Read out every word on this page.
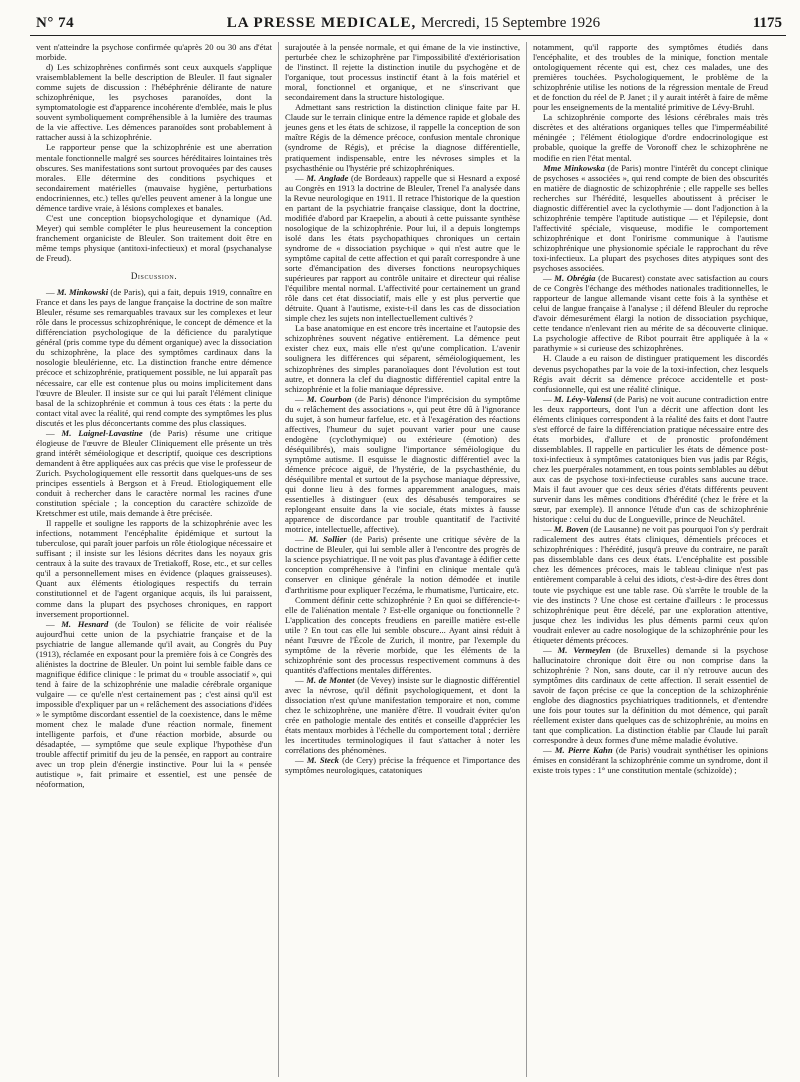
N° 74	LA PRESSE MEDICALE, Mercredi, 15 Septembre 1926	1175

vent n'atteindre la psychose confirmée qu'après 20 ou 30 ans d'état morbide.

d) Les schizophrènes confirmés sont ceux auxquels s'applique vraisemblablement la belle description de Bleuler. Il faut signaler comme sujets de discussion : l'hébéphrénie délirante de nature schizophrénique, les psychoses paranoïdes, dont la symptomatologie est d'apparence incohérente d'emblée, mais le plus souvent symboliquement compréhensible à la lumière des traumas de la vie affective. Les démences paranoïdes sont probablement à rattacher aussi à la schizophrénie.

Le rapporteur pense que la schizophrénie est une aberration mentale fonctionnelle malgré ses sources héréditaires lointaines très obscures. Ses manifestations sont surtout provoquées par des causes morales. Elle détermine des conditions psychiques et secondairement matérielles (mauvaise hygiène, perturbations endocriniennes, etc.) telles qu'elles peuvent amener à la longue une démence tardive vraie, à lésions complexes et banales.

C'est une conception biopsychologique et dynamique (Ad. Meyer) qui semble compléter le plus heureusement la conception franchement organiciste de Bleuler. Son traitement doit être en même temps physique (antitoxi-infectieux) et moral (psychanalyse de Freud).

Discussion.

— M. Minkowski (de Paris), qui a fait, depuis 1919, connaître en France et dans les pays de langue française la doctrine de son maître Bleuler, résume ses remarquables travaux sur les complexes et leur rôle dans le processus schizophrénique, le concept de démence et la différenciation psychologique de la déficience du paralytique général (pris comme type du dément organique) avec la dissociation du schizophrène, la place des symptômes cardinaux dans la nosologie bleulérienne, etc. La distinction franche entre démence précoce et schizophrénie, pratiquement possible, ne lui apparaît pas nécessaire, car elle est contenue plus ou moins implicitement dans l'œuvre de Bleuler. Il insiste sur ce qui lui paraît l'élément clinique basal de la schizophrénie et commun à tous ces états : la perte du contact vital avec la réalité, qui rend compte des symptômes les plus discutés et les plus déconcertants comme des plus classiques.

— M. Laignel-Lavastine (de Paris) résume une critique élogieuse de l'œuvre de Bleuler Cliniquement elle présente un très grand intérêt séméiologique et descriptif, quoique ces descriptions demandent à être appliquées aux cas précis que vise le professeur de Zurich. Psychologiquement elle ressortit dans quelques-uns de ses principes essentiels à Bergson et à Freud. Etiologiquement elle conduit à rechercher dans le caractère normal les racines d'une constitution spéciale ; la conception du caractère schizoïde de Kretschmer est utile, mais demande à être précisée.

Il rappelle et souligne les rapports de la schizophrénie avec les infections, notamment l'encéphalite épidémique et surtout la tuberculose, qui paraît jouer parfois un rôle étiologique nécessaire et suffisant ; il insiste sur les lésions décrites dans les noyaux gris centraux à la suite des travaux de Tretiakoff, Rose, etc., et sur celles qu'il a personnellement mises en évidence (plaques graisseuses). Quant aux éléments étiologiques respectifs du terrain constitutionnel et de l'agent organique acquis, ils lui paraissent, comme dans la plupart des psychoses chroniques, en rapport inversement proportionnel.

— M. Hesnard (de Toulon) se félicite de voir réalisée aujourd'hui cette union de la psychiatrie française et de la psychiatrie de langue allemande qu'il avait, au Congrès du Puy (1913), réclamée en exposant pour la première fois à ce Congrès des aliénistes la doctrine de Bleuler. Un point lui semble faible dans ce magnifique édifice clinique : le primat du « trouble associatif », qui tend à faire de la schizophrénie une maladie cérébrale organique vulgaire — ce qu'elle n'est certainement pas ; c'est ainsi qu'il est impossible d'expliquer par un « relâchement des associations d'idées » le symptôme discordant essentiel de la coexistence, dans le même moment chez le malade d'une réaction normale, finement intelligente parfois, et d'une réaction morbide, absurde ou désadaptée, — symptôme que seule explique l'hypothèse d'un trouble affectif primitif du jeu de la pensée, en rapport au contraire avec un trop plein d'énergie instinctive. Pour lui la « pensée autistique », fait primaire et essentiel, est une pensée de néoformation,

surajoutée à la pensée normale, et qui émane de la vie instinctive, perturbée chez le schizophrène par l'impossibilité d'extériorisation de l'instinct. Il rejette la distinction inutile du psychogène et de l'organique, tout processus instinctif étant à la fois matériel et moral, fonctionnel et organique, et ne s'inscrivant que secondairement dans la structure histologique.

Admettant sans restriction la distinction clinique faite par H. Claude sur le terrain clinique entre la démence rapide et globale des jeunes gens et les états de schizose, il rappelle la conception de son maître Régis de la démence précoce, confusion mentale chronique (syndrome de Régis), et précise la diagnose différentielle, pratiquement indispensable, entre les névroses simples et la psychasthénie ou l'hystérie pré schizophréniques.

— M. Anglade (de Bordeaux) rappelle que si Hesnard a exposé au Congrès en 1913 la doctrine de Bleuler, Trenel l'a analysée dans la Revue neurologique en 1911. Il retrace l'historique de la question en partant de la psychiatrie française classique, dont la doctrine, modifiée d'abord par Kraepelin, a abouti à cette puissante synthèse nosologique de la schizophrénie. Pour lui, il a depuis longtemps isolé dans les états psychopathiques chroniques un certain syndrome de « dissociation psychique » qui n'est autre que le symptôme capital de cette affection et qui paraît correspondre à une sorte d'émancipation des diverses fonctions neuropsychiques supérieures par rapport au contrôle unitaire et directeur qui réalise l'équilibre mental normal. L'affectivité pour certainement un grand rôle dans cet état dissociatif, mais elle y est plus pervertie que détruite. Quant à l'autisme, existe-t-il dans les cas de dissociation simple chez les sujets non intellectuellement cultivés ?

La base anatomique en est encore très incertaine et l'autopsie des schizophrènes souvent négative entièrement. La démence peut exister chez eux, mais elle n'est qu'une complication. L'avenir soulignera les différences qui séparent, séméiologiquement, les schizophrènes des simples paranoïaques dont l'évolution est tout autre, et donnera la clef du diagnostic différentiel capital entre la schizophrénie et la folie maniaque dépressive.

— M. Courbon (de Paris) dénonce l'imprécision du symptôme du « relâchement des associations », qui peut être dû à l'ignorance du sujet, à son humeur farfelue, etc. et à l'exagération des réactions affectives, l'humeur du sujet pouvant varier pour une cause endogène (cyclothymique) ou extérieure (émotion) des déséquilibrés), mais souligne l'importance séméiologique du symptôme autisme. Il esquisse le diagnostic différentiel avec la démence précoce aiguë, de l'hystérie, de la psychasthénie, du déséquilibre mental et surtout de la psychose maniaque dépressive, qui donne lieu à des formes apparemment analogues, mais essentielles à distinguer (eux des désabusés temporaires se replongeant ensuite dans la vie sociale, états mixtes à fausse apparence de discordance par trouble quantitatif de l'activité motrice, intellectuelle, affective).

— M. Sollier (de Paris) présente une critique sévère de la doctrine de Bleuler, qui lui semble aller à l'encontre des progrès de la science psychiatrique. Il ne voit pas plus d'avantage à édifier cette conception compréhensive à l'infini en clinique mentale qu'à conserver en clinique générale la notion démodée et inutile d'arthritisme pour expliquer l'eczéma, le rhumatisme, l'urticaire, etc.

Comment définir cette schizophrénie ? En quoi se différencie-t-elle de l'aliénation mentale ? Est-elle organique ou fonctionnelle ? L'application des concepts freudiens en pareille matière est-elle utile ? En tout cas elle lui semble obscure... Ayant ainsi réduit à néant l'œuvre de l'École de Zurich, il montre, par l'exemple du symptôme de la rêverie morbide, que les éléments de la schizophrénie sont des processus respectivement communs à des quantités d'affections mentales différentes.

— M. de Montet (de Vevey) insiste sur le diagnostic différentiel avec la névrose, qu'il définit psychologiquement, et dont la dissociation n'est qu'une manifestation temporaire et non, comme chez le schizophrène, une manière d'être. Il voudrait éviter qu'on crée en pathologie mentale des entités et conseille d'apprécier les états mentaux morbides à l'échelle du comportement total ; derrière les incertitudes terminologiques il faut s'attacher à noter les corrélations des phénomènes.

— M. Steck (de Cery) précise la fréquence et l'importance des symptômes neurologiques, catatoniques

notamment, qu'il rapporte des symptômes étudiés dans l'encéphalite, et des troubles de la minique, fonction mentale ontologiquement récente qui est, chez ces malades, une des premières touchées. Psychologiquement, le problème de la schizophrénie utilise les notions de la régression mentale de Freud et de fonction du réel de P. Janet ; il y aurait intérêt à faire de même pour les enseignements de la mentalité primitive de Lévy-Bruhl.

La schizophrénie comporte des lésions cérébrales mais très discrètes et des altérations organiques telles que l'imperméabilité méningée ; l'élément étiologique d'ordre endocrinologique est probable, quoique la greffe de Voronoff chez le schizophrène ne modifie en rien l'état mental.

Mme Minkowska (de Paris) montre l'intérêt du concept clinique de psychoses « associées », qui rend compte de bien des obscurités en matière de diagnostic de schizophrénie ; elle rappelle ses belles recherches sur l'hérédité, lesquelles aboutissent à préciser le diagnostic différentiel avec la cyclothymie — dont l'adjonction à la schizophrénie tempère l'aptitude autistique — et l'épilepsie, dont l'affectivité spéciale, visqueuse, modifie le comportement schizophrénique et dont l'onirisme communique à l'autisme schizophrénique une physionomie spéciale le rapprochant du rêve toxi-infectieux. La plupart des psychoses dites atypiques sont des psychoses associées.

— M. Obrégia (de Bucarest) constate avec satisfaction au cours de ce Congrès l'échange des méthodes nationales traditionnelles, le rapporteur de langue allemande visant cette fois à la synthèse et celui de langue française à l'analyse ; il défend Bleuler du reproche d'avoir démesurément élargi la notion de dissociation psychique, cette tendance n'enlevant rien au mérite de sa découverte clinique. La psychologie affective de Ribot pourrait être appliquée à la « parathymie » si curieuse des schizophrènes.

H. Claude a eu raison de distinguer pratiquement les discordés devenus psychopathes par la voie de la toxi-infection, chez lesquels Régis avait décrit sa démence précoce accidentelle et post-confusionnelle, qui est une réalité clinique.

— M. Lévy-Valensi (de Paris) ne voit aucune contradiction entre les deux rapporteurs, dont l'un a décrit une affection dont les éléments cliniques correspondent à la réalité des faits et dont l'autre s'est efforcé de faire la différenciation pratique nécessaire entre des états morbides, d'allure et de pronostic profondément dissemblables. Il rappelle en particulier les états de démence post-toxi-infectieux à symptômes catatoniques bien vus jadis par Régis, chez les puerpérales notamment, en tous points semblables au début aux cas de psychose toxi-infectieuse curables sans aucune trace. Mais il faut avouer que ces deux séries d'états différents peuvent survenir dans les mêmes conditions d'hérédité (chez le frère et la sœur, par exemple). Il annonce l'étude d'un cas de schizophrénie historique : celui du duc de Longueville, prince de Neuchâtel.

— M. Boven (de Lausanne) ne voit pas pourquoi l'on s'y perdrait radicalement des autres états cliniques, démentiels précoces et schizophréniques : l'hérédité, jusqu'à preuve du contraire, ne paraît pas dissemblable dans ces deux états. L'encéphalite est possible chez les démences précoces, mais le tableau clinique n'est pas entièrement comparable à celui des idiots, c'est-à-dire des êtres dont toute vie psychique est une table rase. Où s'arrête le trouble de la vie des instincts ? Une chose est certaine d'ailleurs : le processus schizophrénique peut être décelé, par une exploration attentive, jusque chez les individus les plus déments parmi ceux qu'on voudrait enlever au cadre nosologique de la schizophrénie pour les étiqueter déments précoces.

— M. Vermeylen (de Bruxelles) demande si la psychose hallucinatoire chronique doit être ou non comprise dans la schizophrénie ? Non, sans doute, car il n'y retrouve aucun des symptômes dits cardinaux de cette affection. Il serait essentiel de savoir de façon précise ce que la conception de la schizophrénie englobe des diagnostics psychiatriques traditionnels, et d'entendre une fois pour toutes sur la définition du mot démence, qui paraît réellement exister dans quelques cas de schizophrénie, au moins en tant que complication. La distinction établie par Claude lui paraît correspondre à deux formes d'une même maladie évolutive.

— M. Pierre Kahn (de Paris) voudrait synthétiser les opinions émises en considérant la schizophrénie comme un syndrome, dont il existe trois types : 1° une constitution mentale (schizoïde) ;
